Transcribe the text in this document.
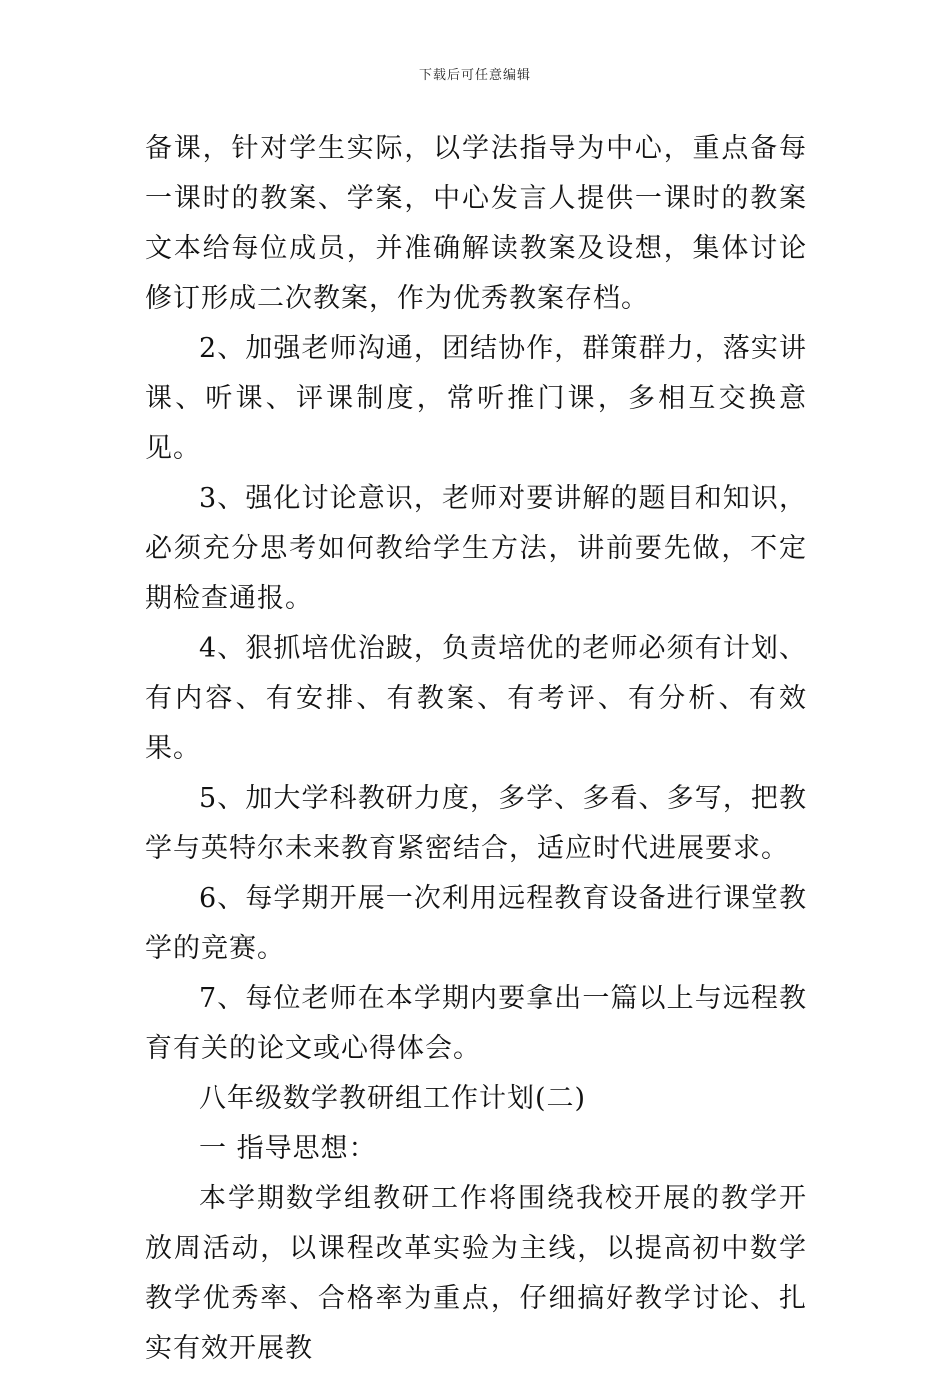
下载后可任意编辑

备课，针对学生实际，以学法指导为中心，重点备每一课时的教案、学案，中心发言人提供一课时的教案文本给每位成员，并准确解读教案及设想，集体讨论修订形成二次教案，作为优秀教案存档。

2、加强老师沟通，团结协作，群策群力，落实讲课、听课、评课制度，常听推门课，多相互交换意见。

3、强化讨论意识，老师对要讲解的题目和知识，必须充分思考如何教给学生方法，讲前要先做，不定期检查通报。

4、狠抓培优治跛，负责培优的老师必须有计划、有内容、有安排、有教案、有考评、有分析、有效果。

5、加大学科教研力度，多学、多看、多写，把教学与英特尔未来教育紧密结合，适应时代进展要求。

6、每学期开展一次利用远程教育设备进行课堂教学的竞赛。

7、每位老师在本学期内要拿出一篇以上与远程教育有关的论文或心得体会。

八年级数学教研组工作计划(二)

一 指导思想：

本学期数学组教研工作将围绕我校开展的教学开放周活动，以课程改革实验为主线，以提高初中数学教学优秀率、合格率为重点，仔细搞好教学讨论、扎实有效开展教
